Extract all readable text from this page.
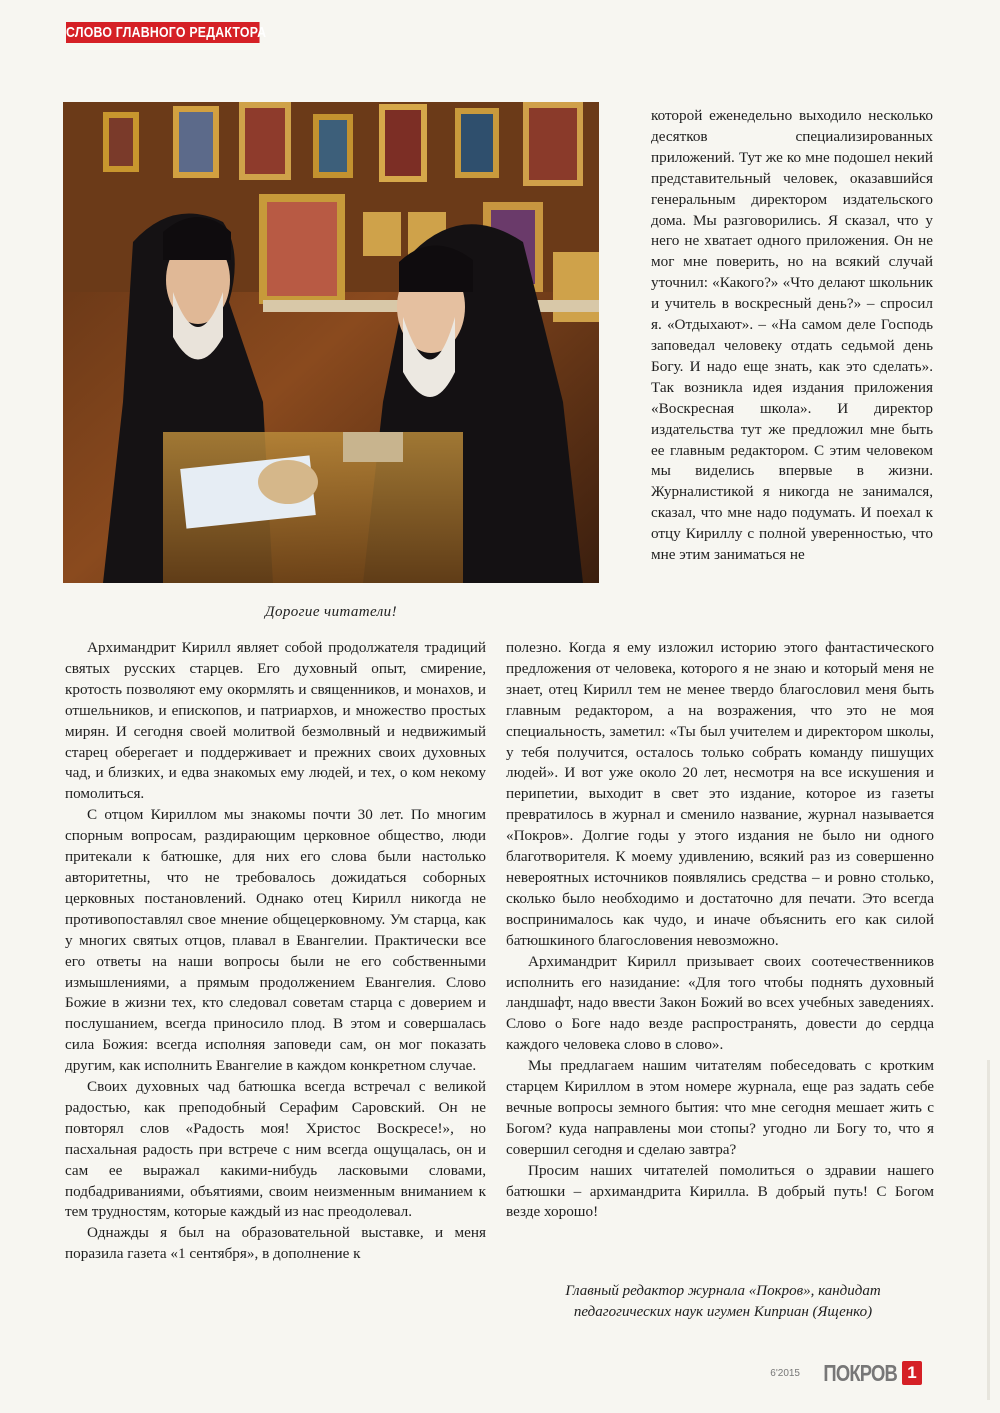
СЛОВО ГЛАВНОГО РЕДАКТОРА
Дорогие читатели!

которой еженедельно выходило несколько десятков специализированных приложений. Тут же ко мне подошел некий представительный человек, оказавшийся генеральным директором издательского дома. Мы разговорились. Я сказал, что у него не хватает одного приложения. Он не мог мне поверить, но на всякий случай уточнил: «Какого?» «Что делают школьник и учитель в воскресный день?» – спросил я. «Отдыхают». – «На самом деле Господь заповедал человеку отдать седьмой день Богу. И надо еще знать, как это сделать». Так возникла идея издания приложения «Воскресная школа». И директор издательства тут же предложил мне быть ее главным редактором. С этим человеком мы виделись впервые в жизни. Журналистикой я никогда не занимался, сказал, что мне надо подумать. И поехал к отцу Кириллу с полной уверенностью, что мне этим заниматься не

Архимандрит Кирилл являет собой продолжателя традиций святых русских старцев. Его духовный опыт, смирение, кротость позволяют ему окормлять и священников, и монахов, и отшельников, и епископов, и патриархов, и множество простых мирян. И сегодня своей молитвой безмолвный и недвижимый старец оберегает и поддерживает и прежних своих духовных чад, и близких, и едва знакомых ему людей, и тех, о ком некому помолиться.

С отцом Кириллом мы знакомы почти 30 лет. По многим спорным вопросам, раздирающим церковное общество, люди притекали к батюшке, для них его слова были настолько авторитетны, что не требовалось дожидаться соборных церковных постановлений. Однако отец Кирилл никогда не противопоставлял свое мнение общецерковному. Ум старца, как у многих святых отцов, плавал в Евангелии. Практически все его ответы на наши вопросы были не его собственными измышлениями, а прямым продолжением Евангелия. Слово Божие в жизни тех, кто следовал советам старца с доверием и послушанием, всегда приносило плод. В этом и совершалась сила Божия: всегда исполняя заповеди сам, он мог показать другим, как исполнить Евангелие в каждом конкретном случае.

Своих духовных чад батюшка всегда встречал с великой радостью, как преподобный Серафим Саровский. Он не повторял слов «Радость моя! Христос Воскресе!», но пасхальная радость при встрече с ним всегда ощущалась, он и сам ее выражал какими-нибудь ласковыми словами, подбадриваниями, объятиями, своим неизменным вниманием к тем трудностям, которые каждый из нас преодолевал.

Однажды я был на образовательной выставке, и меня поразила газета «1 сентября», в дополнение к

полезно. Когда я ему изложил историю этого фантастического предложения от человека, которого я не знаю и который меня не знает, отец Кирилл тем не менее твердо благословил меня быть главным редактором, а на возражения, что это не моя специальность, заметил: «Ты был учителем и директором школы, у тебя получится, осталось только собрать команду пишущих людей». И вот уже около 20 лет, несмотря на все искушения и перипетии, выходит в свет это издание, которое из газеты превратилось в журнал и сменило название, журнал называется «Покров». Долгие годы у этого издания не было ни одного благотворителя. К моему удивлению, всякий раз из совершенно невероятных источников появлялись средства – и ровно столько, сколько было необходимо и достаточно для печати. Это всегда воспринималось как чудо, и иначе объяснить его как силой батюшкиного благословения невозможно.

Архимандрит Кирилл призывает своих соотечественников исполнить его назидание: «Для того чтобы поднять духовный ландшафт, надо ввести Закон Божий во всех учебных заведениях. Слово о Боге надо везде распространять, довести до сердца каждого человека слово в слово».

Мы предлагаем нашим читателям побеседовать с кротким старцем Кириллом в этом номере журнала, еще раз задать себе вечные вопросы земного бытия: что мне сегодня мешает жить с Богом? куда направлены мои стопы? угодно ли Богу то, что я совершил сегодня и сделаю завтра?

Просим наших читателей помолиться о здравии нашего батюшки – архимандрита Кирилла. В добрый путь! С Богом везде хорошо!

Главный редактор журнала «Покров», кандидат педагогических наук игумен Киприан (Ященко)
6'2015 ПОКРОВ 1
